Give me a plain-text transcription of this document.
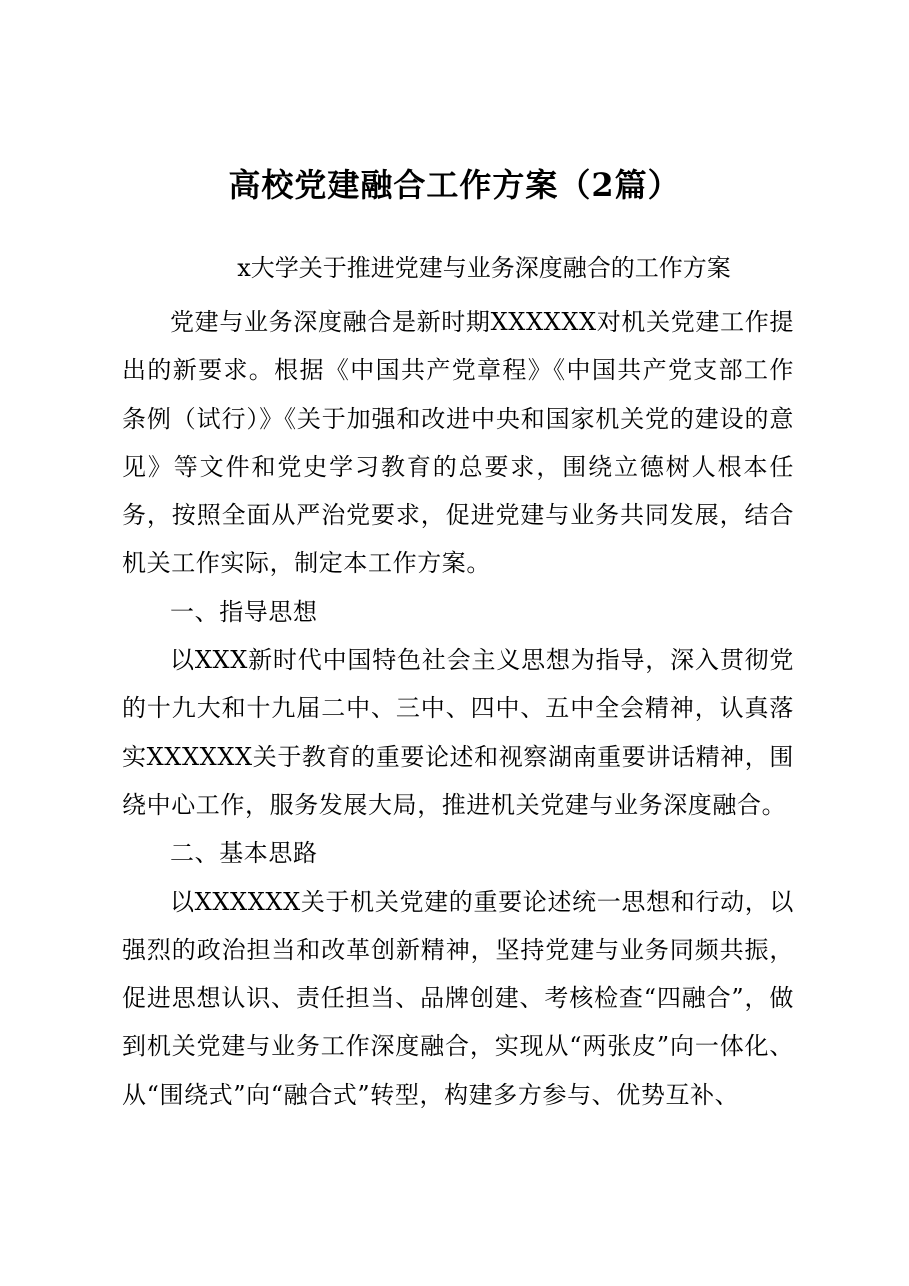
高校党建融合工作方案（2篇）
x大学关于推进党建与业务深度融合的工作方案

党建与业务深度融合是新时期XXXXXX对机关党建工作提出的新要求。根据《中国共产党章程》《中国共产党支部工作条例（试行）》《关于加强和改进中央和国家机关党的建设的意见》等文件和党史学习教育的总要求，围绕立德树人根本任务，按照全面从严治党要求，促进党建与业务共同发展，结合机关工作实际，制定本工作方案。

一、指导思想

以XXX新时代中国特色社会主义思想为指导，深入贯彻党的十九大和十九届二中、三中、四中、五中全会精神，认真落实XXXXXX关于教育的重要论述和视察湖南重要讲话精神，围绕中心工作，服务发展大局，推进机关党建与业务深度融合。

二、基本思路

以XXXXXX关于机关党建的重要论述统一思想和行动，以强烈的政治担当和改革创新精神，坚持党建与业务同频共振，促进思想认识、责任担当、品牌创建、考核检查“四融合”，做到机关党建与业务工作深度融合，实现从“两张皮”向一体化、从“围绕式”向“融合式”转型，构建多方参与、优势互补、
